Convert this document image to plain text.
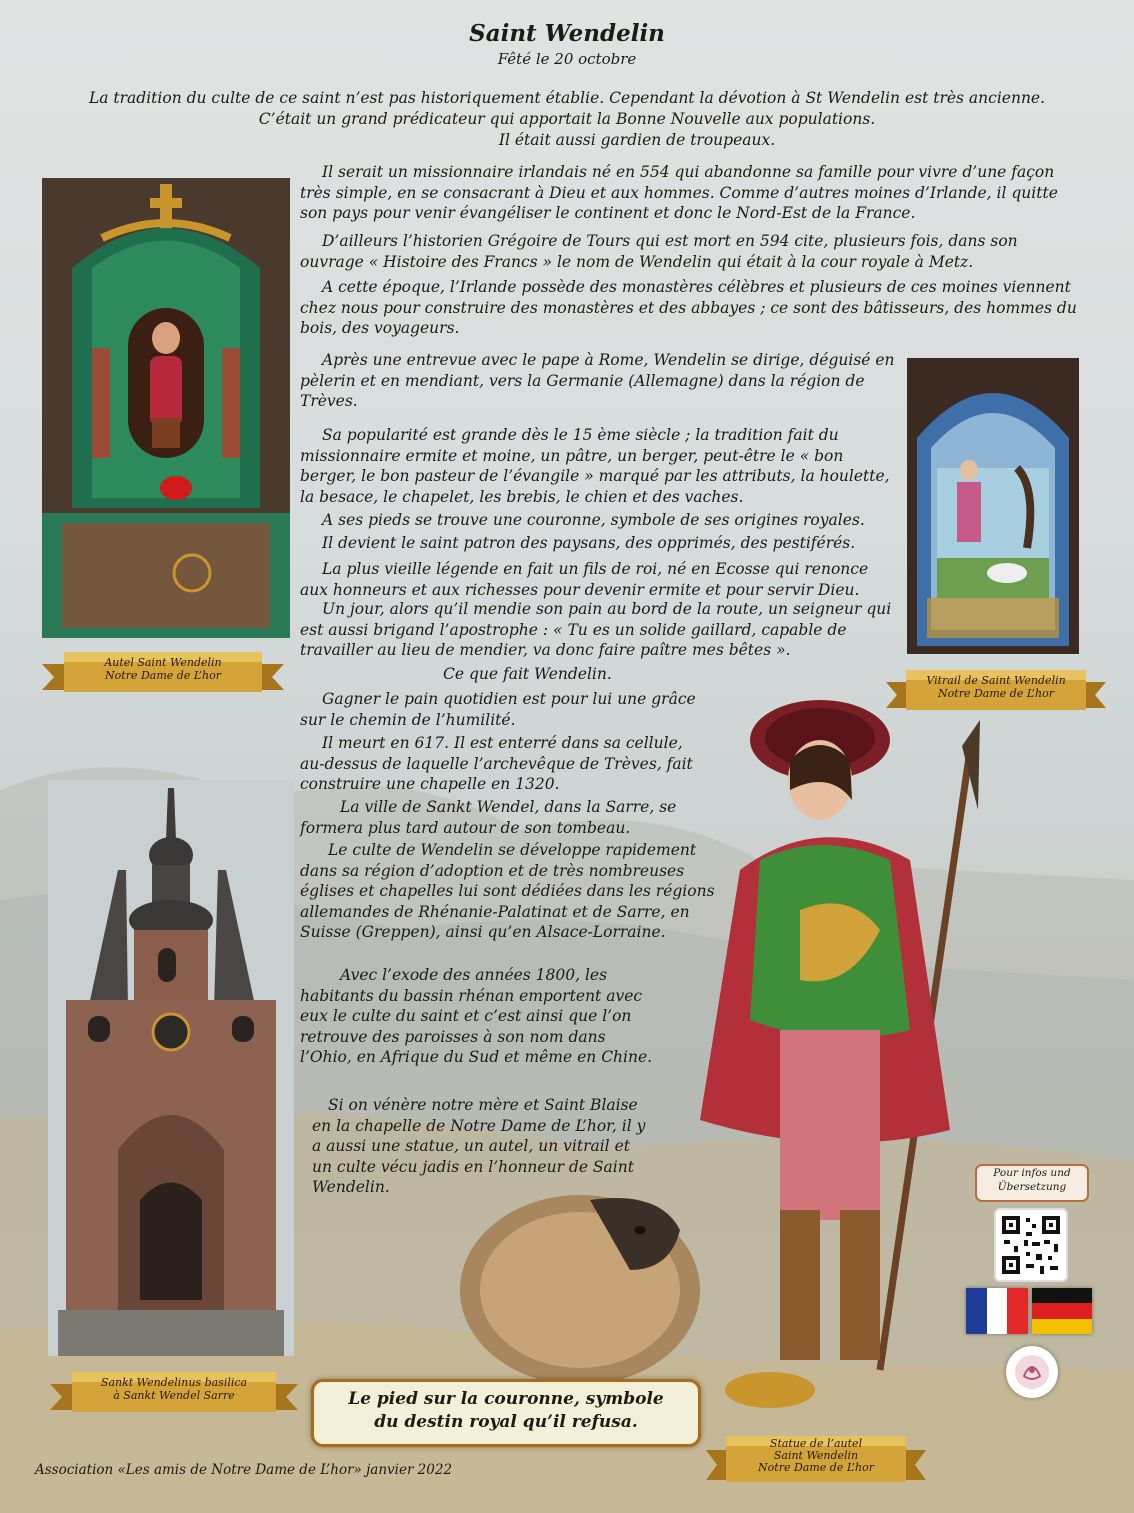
Saint Wendelin
Fêté le 20 octobre
La tradition du culte de ce saint n’est pas historiquement établie. Cependant la dévotion à St Wendelin est très ancienne.
C’était un grand prédicateur qui apportait la Bonne Nouvelle aux populations.
Il était aussi gardien de troupeaux.

Il serait un missionnaire irlandais né en 554 qui abandonne sa famille pour vivre d’une façon très simple, en se consacrant à Dieu et aux hommes. Comme d’autres moines d’Irlande, il quitte son pays pour venir évangéliser le continent et donc le Nord-Est de la France.

D’ailleurs l’historien Grégoire de Tours qui est mort en 594 cite, plusieurs fois, dans son ouvrage « Histoire des Francs » le nom de Wendelin qui était à la cour royale à Metz.

A cette époque, l’Irlande possède des monastères célèbres et plusieurs de ces moines viennent chez nous pour construire des monastères et des abbayes ; ce sont des bâtisseurs, des hommes du bois, des voyageurs.

Après une entrevue avec le pape à Rome, Wendelin se dirige, déguisé en pèlerin et en mendiant, vers la Germanie (Allemagne) dans la région de Trèves.

Sa popularité est grande dès le 15 ème siècle ; la tradition fait du missionnaire ermite et moine, un pâtre, un berger, peut-être le « bon berger, le bon pasteur de l’évangile » marqué par les attributs, la houlette, la besace, le chapelet, les brebis, le chien et des vaches.

A ses pieds se trouve une couronne, symbole de ses origines royales.

Il devient le saint patron des paysans, des opprimés, des pestiférés.

La plus vieille légende en fait un fils de roi, né en Ecosse qui renonce aux honneurs et aux richesses pour devenir ermite et pour servir Dieu.

Un jour, alors qu’il mendie son pain au bord de la route, un seigneur qui est aussi brigand l’apostrophe : « Tu es un solide gaillard, capable de travailler au lieu de mendier, va donc faire paître mes bêtes ».

Ce que fait Wendelin.

Gagner le pain quotidien est pour lui une grâce sur le chemin de l’humilité.

Il meurt en 617. Il est enterré dans sa cellule, au-dessus de laquelle l’archevêque de Trèves, fait construire une chapelle en 1320.

La ville de Sankt Wendel, dans la Sarre, se formera plus tard autour de son tombeau.

Le culte de Wendelin se développe rapidement dans sa région d’adoption et de très nombreuses églises et chapelles lui sont dédiées dans les régions allemandes de Rhénanie-Palatinat et de Sarre, en Suisse (Greppen), ainsi qu’en Alsace-Lorraine.

Avec l’exode des années 1800, les habitants du bassin rhénan emportent avec eux le culte du saint et c’est ainsi que l’on retrouve des paroisses à son nom dans l’Ohio, en Afrique du Sud et même en Chine.

Si on vénère notre mère et Saint Blaise en la chapelle de Notre Dame de L’hor, il y a aussi une statue, un autel, un vitrail et un culte vécu jadis en l’honneur de Saint Wendelin.

Autel Saint Wendelin
Notre Dame de L’hor	Vitrail de Saint Wendelin
Notre Dame de L’hor
Sankt Wendelinus basilica
à Sankt Wendel Sarre
Statue de l’autel
Saint Wendelin
Notre Dame de L’hor
Le pied sur la couronne, symbole du destin royal qu’il refusa.
Pour infos und
Übersetzung
Association «Les amis de Notre Dame de L’hor» janvier 2022
